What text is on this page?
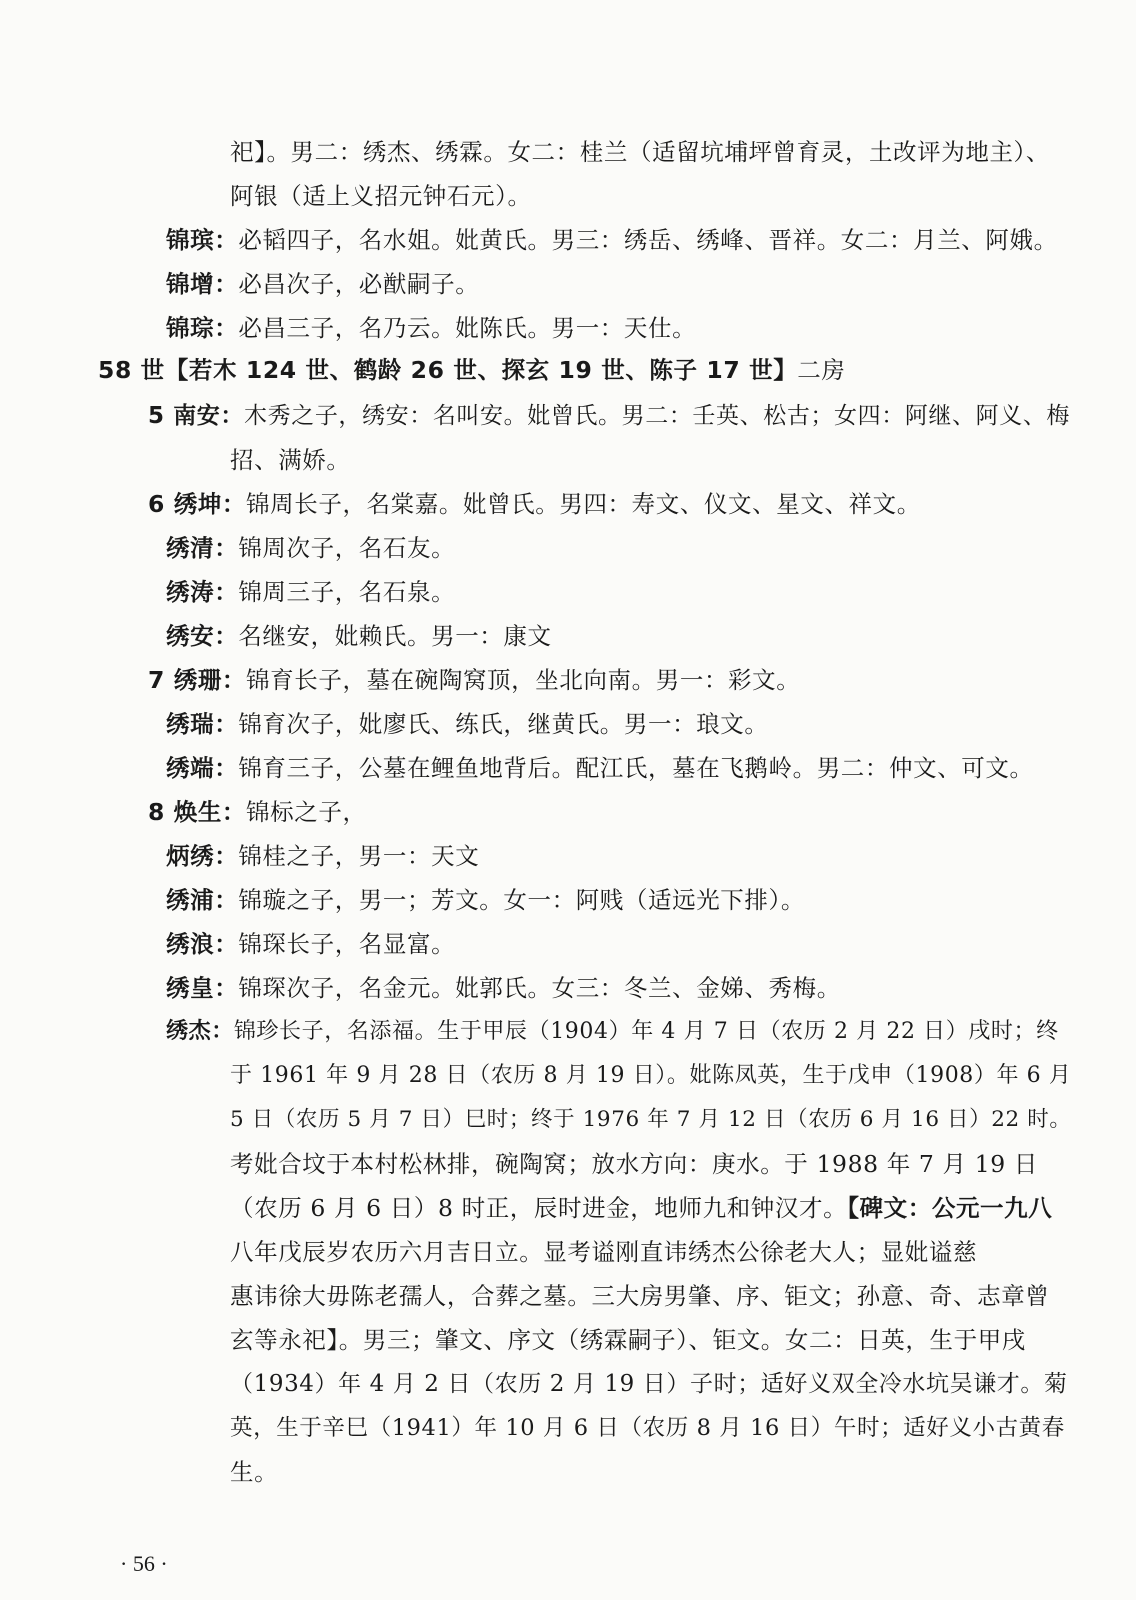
祀】。男二：绣杰、绣霖。女二：桂兰（适留坑埔坪曾育灵，土改评为地主）、
阿银（适上义招元钟石元）。
锦瑸：必韬四子，名水姐。妣黄氏。男三：绣岳、绣峰、晋祥。女二：月兰、阿娥。
锦增：必昌次子，必猷嗣子。
锦琮：必昌三子，名乃云。妣陈氏。男一：天仕。
58 世【若木 124 世、鹤龄 26 世、探玄 19 世、陈子 17 世】二房
5 南安：木秀之子，绣安：名叫安。妣曾氏。男二：壬英、松古；女四：阿继、阿义、梅
招、满娇。
6 绣坤：锦周长子，名棠嘉。妣曾氏。男四：寿文、仪文、星文、祥文。
绣清：锦周次子，名石友。
绣涛：锦周三子，名石泉。
绣安：名继安，妣赖氏。男一：康文
7 绣珊：锦育长子，墓在碗陶窝顶，坐北向南。男一：彩文。
绣瑞：锦育次子，妣廖氏、练氏，继黄氏。男一：琅文。
绣端：锦育三子，公墓在鲤鱼地背后。配江氏，墓在飞鹅岭。男二：仲文、可文。
8 焕生：锦标之子，
炳绣：锦桂之子，男一：天文
绣浦：锦璇之子，男一；芳文。女一：阿贱（适远光下排）。
绣浪：锦琛长子，名显富。
绣皇：锦琛次子，名金元。妣郭氏。女三：冬兰、金娣、秀梅。
绣杰：锦珍长子，名添福。生于甲辰（1904）年 4 月 7 日（农历 2 月 22 日）戌时；终
于 1961 年 9 月 28 日（农历 8 月 19 日）。妣陈凤英，生于戊申（1908）年 6 月
5 日（农历 5 月 7 日）巳时；终于 1976 年 7 月 12 日（农历 6 月 16 日）22 时。
考妣合坟于本村松林排，碗陶窝；放水方向：庚水。于 1988 年 7 月 19 日
（农历 6 月 6 日）8 时正，辰时进金，地师九和钟汉才。【碑文：公元一九八
八年戊辰岁农历六月吉日立。显考谥刚直讳绣杰公徐老大人；显妣谥慈
惠讳徐大毋陈老孺人，合葬之墓。三大房男肇、序、钜文；孙意、奇、志章曾
玄等永祀】。男三；肇文、序文（绣霖嗣子）、钜文。女二：日英，生于甲戌
（1934）年 4 月 2 日（农历 2 月 19 日）子时；适好义双全冷水坑吴谦才。菊
英，生于辛巳（1941）年 10 月 6 日（农历 8 月 16 日）午时；适好义小古黄春
生。
· 56 ·
